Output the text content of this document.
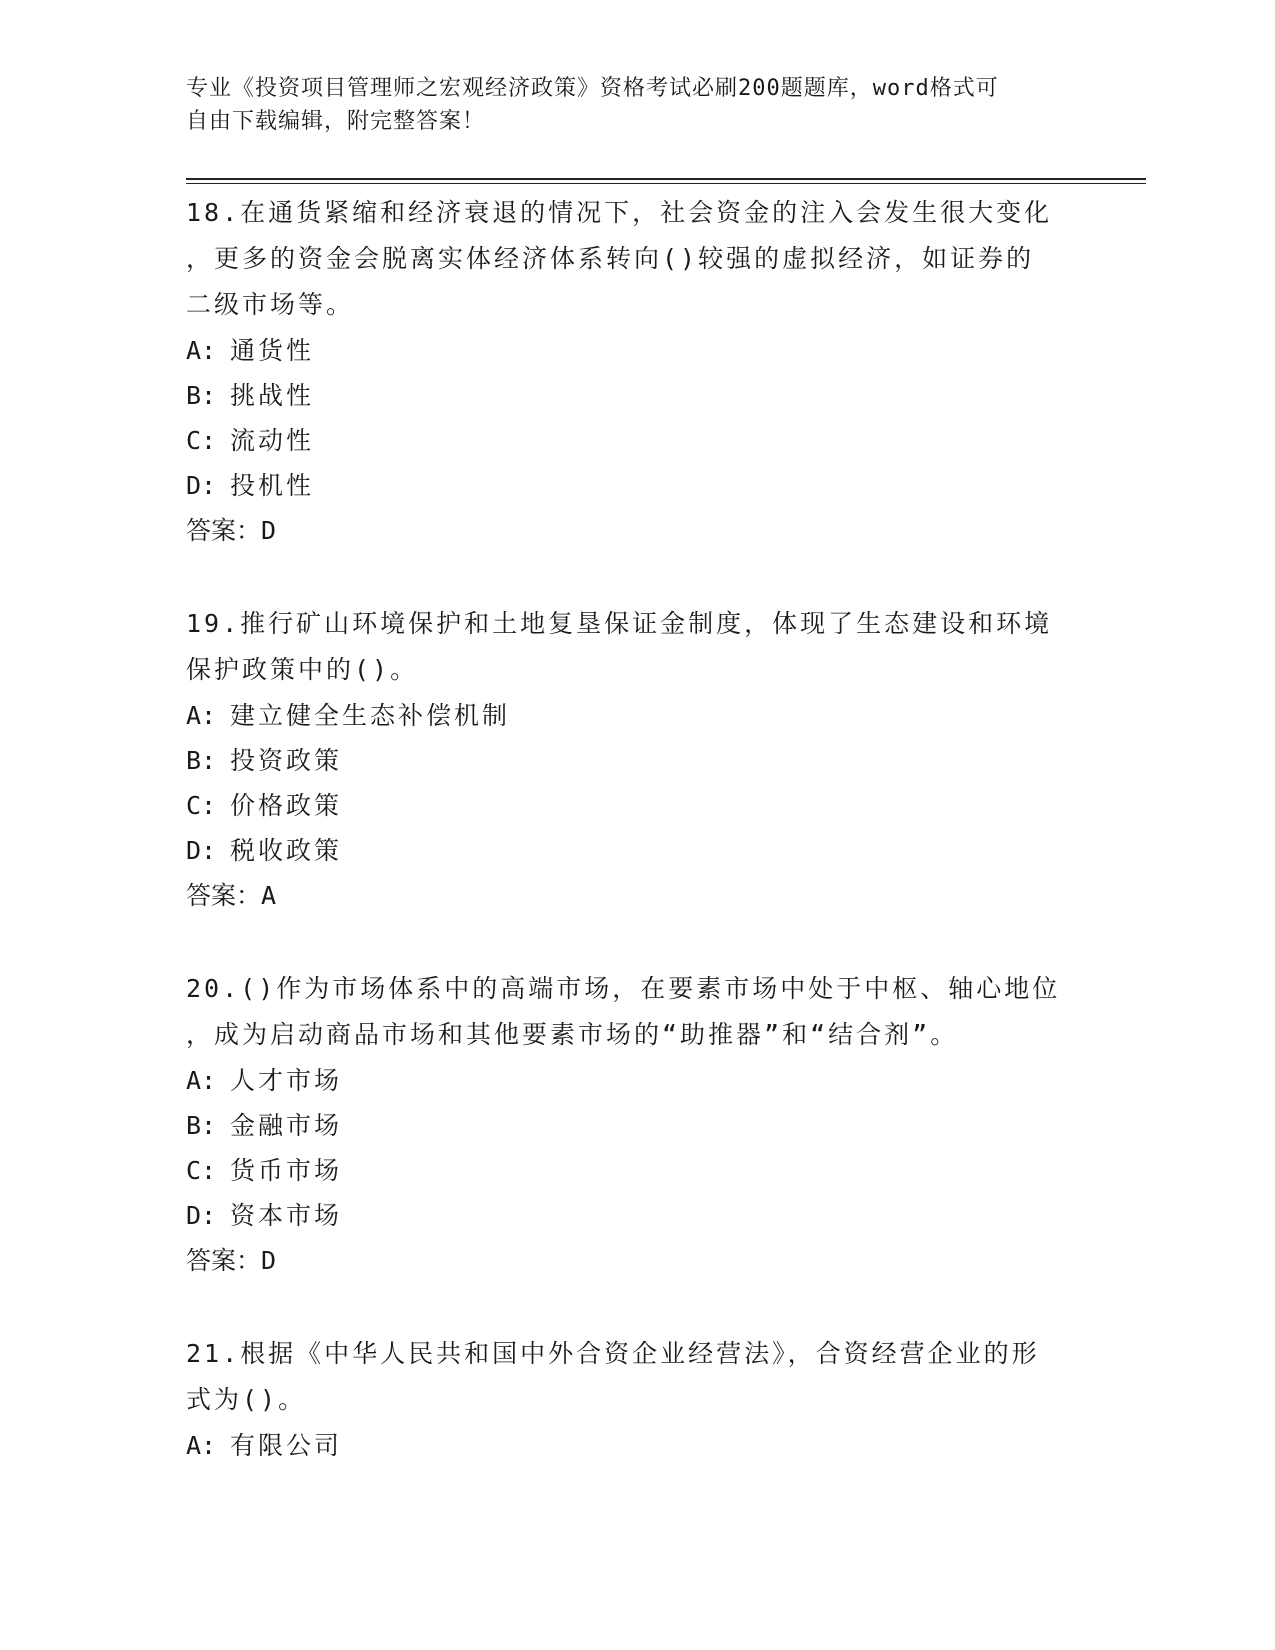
专业《投资项目管理师之宏观经济政策》资格考试必刷200题题库，word格式可
自由下载编辑，附完整答案！
18.在通货紧缩和经济衰退的情况下，社会资金的注入会发生很大变化
，更多的资金会脱离实体经济体系转向()较强的虚拟经济，如证券的
二级市场等。
A: 通货性
B: 挑战性
C: 流动性
D: 投机性
答案：D
19.推行矿山环境保护和土地复垦保证金制度，体现了生态建设和环境
保护政策中的()。
A: 建立健全生态补偿机制
B: 投资政策
C: 价格政策
D: 税收政策
答案：A
20.()作为市场体系中的高端市场，在要素市场中处于中枢、轴心地位
，成为启动商品市场和其他要素市场的“助推器”和“结合剂”。
A: 人才市场
B: 金融市场
C: 货币市场
D: 资本市场
答案：D
21.根据《中华人民共和国中外合资企业经营法》，合资经营企业的形
式为()。
A: 有限公司
